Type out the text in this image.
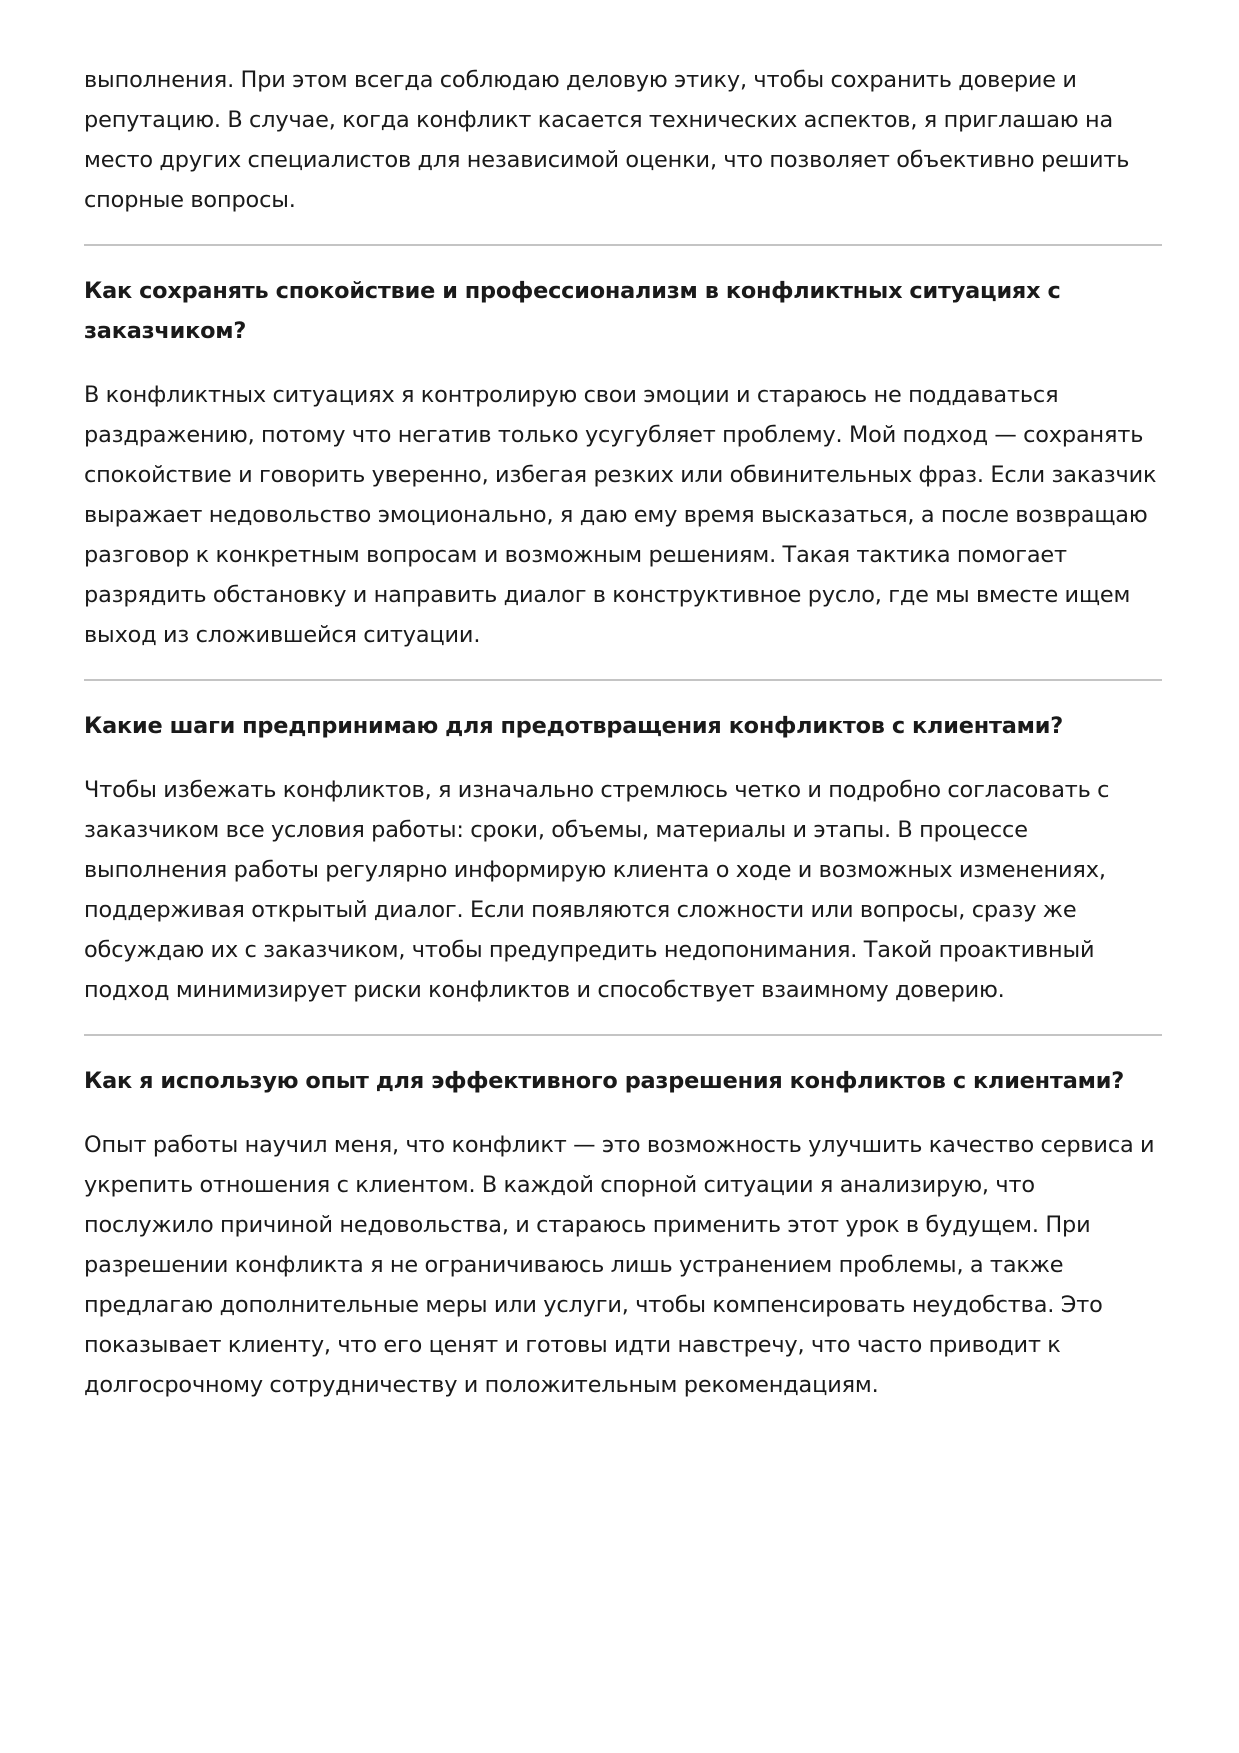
выполнения. При этом всегда соблюдаю деловую этику, чтобы сохранить доверие и репутацию. В случае, когда конфликт касается технических аспектов, я приглашаю на место других специалистов для независимой оценки, что позволяет объективно решить спорные вопросы.

Как сохранять спокойствие и профессионализм в конфликтных ситуациях с заказчиком?

В конфликтных ситуациях я контролирую свои эмоции и стараюсь не поддаваться раздражению, потому что негатив только усугубляет проблему. Мой подход — сохранять спокойствие и говорить уверенно, избегая резких или обвинительных фраз. Если заказчик выражает недовольство эмоционально, я даю ему время высказаться, а после возвращаю разговор к конкретным вопросам и возможным решениям. Такая тактика помогает разрядить обстановку и направить диалог в конструктивное русло, где мы вместе ищем выход из сложившейся ситуации.

Какие шаги предпринимаю для предотвращения конфликтов с клиентами?

Чтобы избежать конфликтов, я изначально стремлюсь четко и подробно согласовать с заказчиком все условия работы: сроки, объемы, материалы и этапы. В процессе выполнения работы регулярно информирую клиента о ходе и возможных изменениях, поддерживая открытый диалог. Если появляются сложности или вопросы, сразу же обсуждаю их с заказчиком, чтобы предупредить недопонимания. Такой проактивный подход минимизирует риски конфликтов и способствует взаимному доверию.

Как я использую опыт для эффективного разрешения конфликтов с клиентами?

Опыт работы научил меня, что конфликт — это возможность улучшить качество сервиса и укрепить отношения с клиентом. В каждой спорной ситуации я анализирую, что послужило причиной недовольства, и стараюсь применить этот урок в будущем. При разрешении конфликта я не ограничиваюсь лишь устранением проблемы, а также предлагаю дополнительные меры или услуги, чтобы компенсировать неудобства. Это показывает клиенту, что его ценят и готовы идти навстречу, что часто приводит к долгосрочному сотрудничеству и положительным рекомендациям.
